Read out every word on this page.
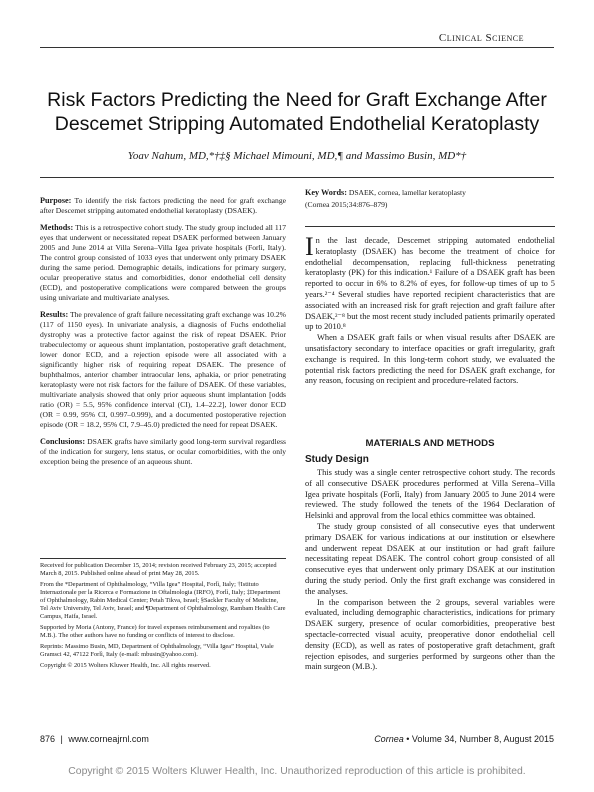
Clinical Science
Risk Factors Predicting the Need for Graft Exchange After Descemet Stripping Automated Endothelial Keratoplasty
Yoav Nahum, MD,*†‡§ Michael Mimouni, MD,¶ and Massimo Busin, MD*†

Purpose: To identify the risk factors predicting the need for graft exchange after Descemet stripping automated endothelial keratoplasty (DSAEK).

Methods: This is a retrospective cohort study. The study group included all 117 eyes that underwent or necessitated repeat DSAEK performed between January 2005 and June 2014 at Villa Serena–Villa Igea private hospitals (Forlì, Italy). The control group consisted of 1033 eyes that underwent only primary DSAEK during the same period. Demographic details, indications for primary surgery, ocular preoperative status and comorbidities, donor endothelial cell density (ECD), and postoperative complications were compared between the groups using univariate and multivariate analyses.

Results: The prevalence of graft failure necessitating graft exchange was 10.2% (117 of 1150 eyes). In univariate analysis, a diagnosis of Fuchs endothelial dystrophy was a protective factor against the risk of repeat DSAEK. Prior trabeculectomy or aqueous shunt implantation, postoperative graft detachment, lower donor ECD, and a rejection episode were all associated with a significantly higher risk of requiring repeat DSAEK. The presence of buphthalmos, anterior chamber intraocular lens, aphakia, or prior penetrating keratoplasty were not risk factors for the failure of DSAEK. Of these variables, multivariate analysis showed that only prior aqueous shunt implantation [odds ratio (OR) = 5.5, 95% confidence interval (CI), 1.4–22.2], lower donor ECD (OR = 0.99, 95% CI, 0.997–0.999), and a documented postoperative rejection episode (OR = 18.2, 95% CI, 7.9–45.0) predicted the need for repeat DSAEK.

Conclusions: DSAEK grafts have similarly good long-term survival regardless of the indication for surgery, lens status, or ocular comorbidities, with the only exception being the presence of an aqueous shunt.

Received for publication December 15, 2014; revision received February 23, 2015; accepted March 8, 2015. Published online ahead of print May 28, 2015.

From the *Department of Ophthalmology, “Villa Igea” Hospital, Forlì, Italy; †Istituto Internazionale per la Ricerca e Formazione in Oftalmologia (IRFO), Forlì, Italy; ‡Department of Ophthalmology, Rabin Medical Center; Petah Tikva, Israel; §Sackler Faculty of Medicine, Tel Aviv University, Tel Aviv, Israel; and ¶Department of Ophthalmology, Rambam Health Care Campus, Haifa, Israel.

Supported by Moria (Antony, France) for travel expenses reimbursement and royalties (to M.B.). The other authors have no funding or conflicts of interest to disclose.

Reprints: Massimo Busin, MD, Department of Ophthalmology, “Villa Igea” Hospital, Viale Gramsci 42, 47122 Forlì, Italy (e-mail: mbusin@yahoo.com).

Copyright © 2015 Wolters Kluwer Health, Inc. All rights reserved.

Key Words: DSAEK, cornea, lamellar keratoplasty

(Cornea 2015;34:876–879)

In the last decade, Descemet stripping automated endothelial keratoplasty (DSAEK) has become the treatment of choice for endothelial decompensation, replacing full-thickness penetrating keratoplasty (PK) for this indication.¹ Failure of a DSAEK graft has been reported to occur in 6% to 8.2% of eyes, for follow-up times of up to 5 years.²⁻⁴ Several studies have reported recipient characteristics that are associated with an increased risk for graft rejection and graft failure after DSAEK,²⁻⁸ but the most recent study included patients primarily operated up to 2010.⁸

When a DSAEK graft fails or when visual results after DSAEK are unsatisfactory secondary to interface opacities or graft irregularity, graft exchange is required. In this long-term cohort study, we evaluated the potential risk factors predicting the need for DSAEK graft exchange, for any reason, focusing on recipient and procedure-related factors.

MATERIALS AND METHODS
Study Design

This study was a single center retrospective cohort study. The records of all consecutive DSAEK procedures performed at Villa Serena–Villa Igea private hospitals (Forlì, Italy) from January 2005 to June 2014 were reviewed. The study followed the tenets of the 1964 Declaration of Helsinki and approval from the local ethics committee was obtained.

The study group consisted of all consecutive eyes that underwent primary DSAEK for various indications at our institution or elsewhere and underwent repeat DSAEK at our institution or had graft failure necessitating repeat DSAEK. The control cohort group consisted of all consecutive eyes that underwent only primary DSAEK at our institution during the study period. Only the first graft exchange was considered in the analyses.

In the comparison between the 2 groups, several variables were evaluated, including demographic characteristics, indications for primary DSAEK surgery, presence of ocular comorbidities, preoperative best spectacle-corrected visual acuity, preoperative donor endothelial cell density (ECD), as well as rates of postoperative graft detachment, graft rejection episodes, and surgeries performed by surgeons other than the main surgeon (M.B.).

876 | www.corneajrnl.com	Cornea • Volume 34, Number 8, August 2015
Copyright © 2015 Wolters Kluwer Health, Inc. Unauthorized reproduction of this article is prohibited.
